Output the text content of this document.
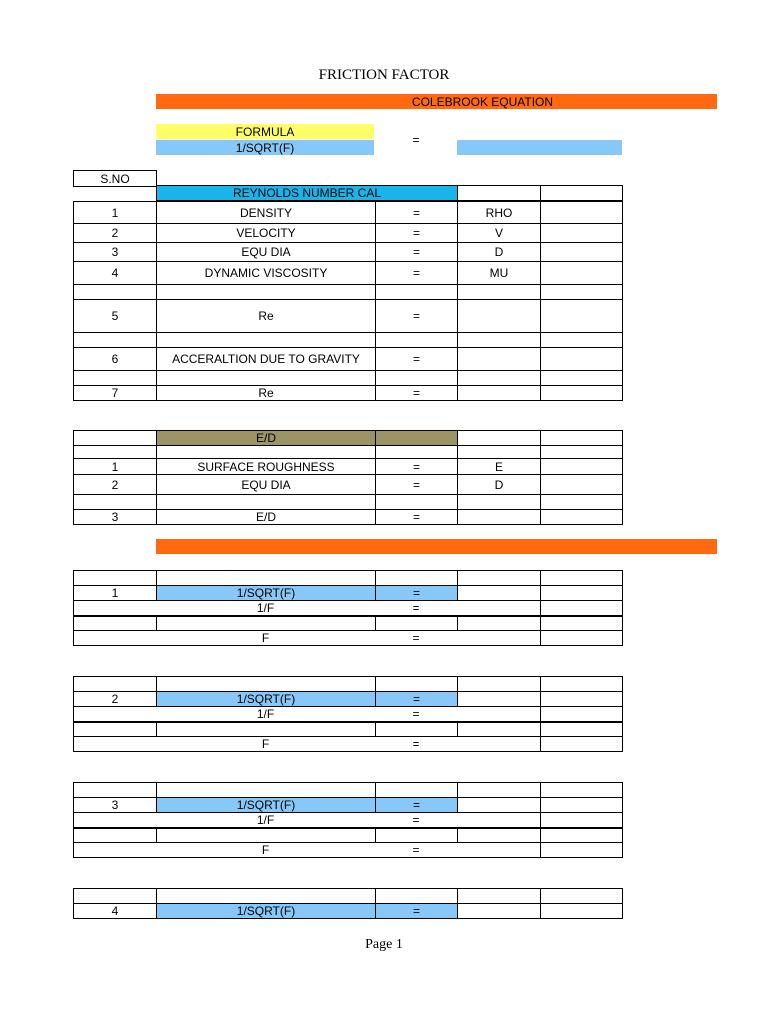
FRICTION FACTOR
COLEBROOK EQUATION
FORMULA
1/SQRT(F)
=
S.NO
REYNOLDS NUMBER CAL
1	DENSITY	=	RHO
2	VELOCITY	=	V
3	EQU DIA	=	D
4	DYNAMIC VISCOSITY	=	MU
5	Re	=
6	ACCERALTION DUE TO GRAVITY	=
7	Re	=
E/D
1	SURFACE ROUGHNESS	=	E
2	EQU DIA	=	D
3	E/D	=
1	1/SQRT(F)	=
1/F	=
F	=
2	1/SQRT(F)	=
1/F	=
F	=
3	1/SQRT(F)	=
1/F	=
F	=
4	1/SQRT(F)	=
Page 1
